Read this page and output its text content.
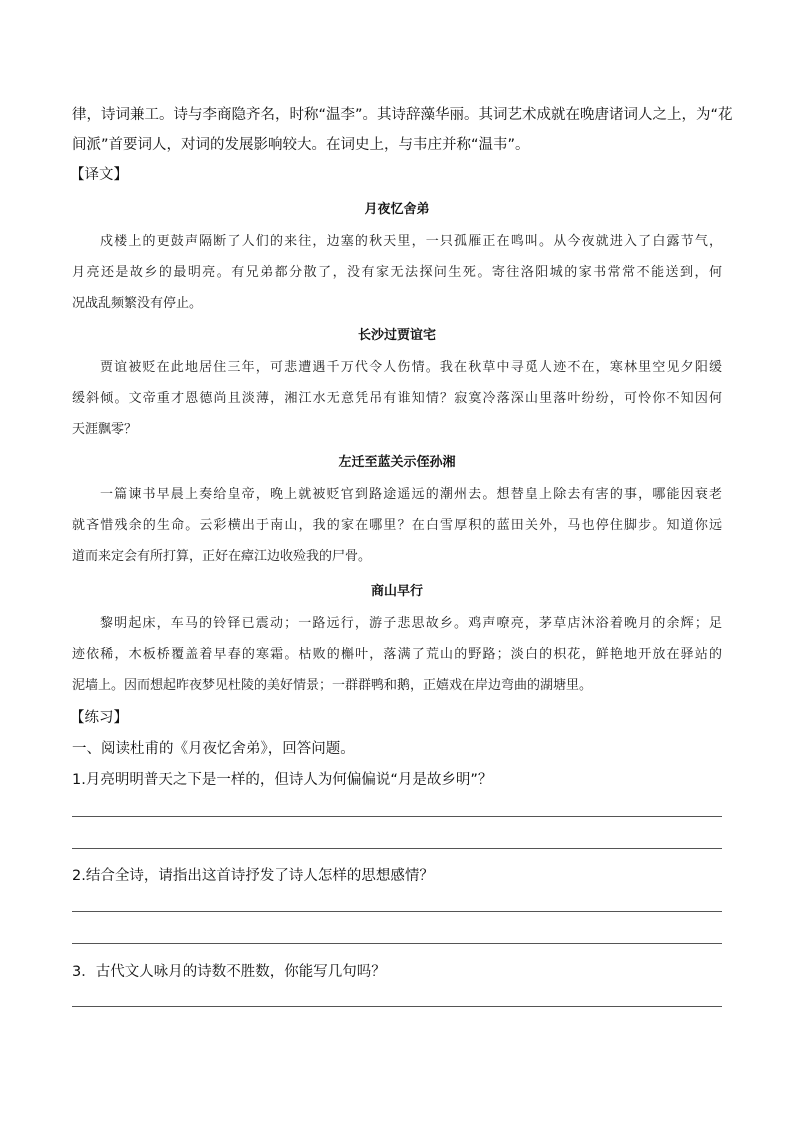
律，诗词兼工。诗与李商隐齐名，时称“温李”。其诗辞藻华丽。其词艺术成就在晚唐诸词人之上，为“花
间派”首要词人，对词的发展影响较大。在词史上，与韦庄并称“温韦”。
【译文】
月夜忆舍弟
戍楼上的更鼓声隔断了人们的来往，边塞的秋天里，一只孤雁正在鸣叫。从今夜就进入了白露节气，
月亮还是故乡的最明亮。有兄弟都分散了，没有家无法探问生死。寄往洛阳城的家书常常不能送到，何
况战乱频繁没有停止。
长沙过贾谊宅
贾谊被贬在此地居住三年，可悲遭遇千万代令人伤情。我在秋草中寻觅人迹不在，寒林里空见夕阳缓
缓斜倾。文帝重才恩德尚且淡薄，湘江水无意凭吊有谁知情？寂寞冷落深山里落叶纷纷，可怜你不知因何
天涯飘零？
左迁至蓝关示侄孙湘
一篇谏书早晨上奏给皇帝，晚上就被贬官到路途遥远的潮州去。想替皇上除去有害的事，哪能因衰老
就吝惜残余的生命。云彩横出于南山，我的家在哪里？在白雪厚积的蓝田关外，马也停住脚步。知道你远
道而来定会有所打算，正好在瘴江边收殓我的尸骨。
商山早行
黎明起床，车马的铃铎已震动；一路远行，游子悲思故乡。鸡声嘹亮，茅草店沐浴着晚月的余辉；足
迹依稀，木板桥覆盖着早春的寒霜。枯败的槲叶，落满了荒山的野路；淡白的枳花，鲜艳地开放在驿站的
泥墙上。因而想起昨夜梦见杜陵的美好情景；一群群鸭和鹅，正嬉戏在岸边弯曲的湖塘里。
【练习】
一、阅读杜甫的《月夜忆舍弟》，回答问题。
1.月亮明明普天之下是一样的，但诗人为何偏偏说“月是故乡明”？
2.结合全诗，请指出这首诗抒发了诗人怎样的思想感情？
3．古代文人咏月的诗数不胜数，你能写几句吗？
